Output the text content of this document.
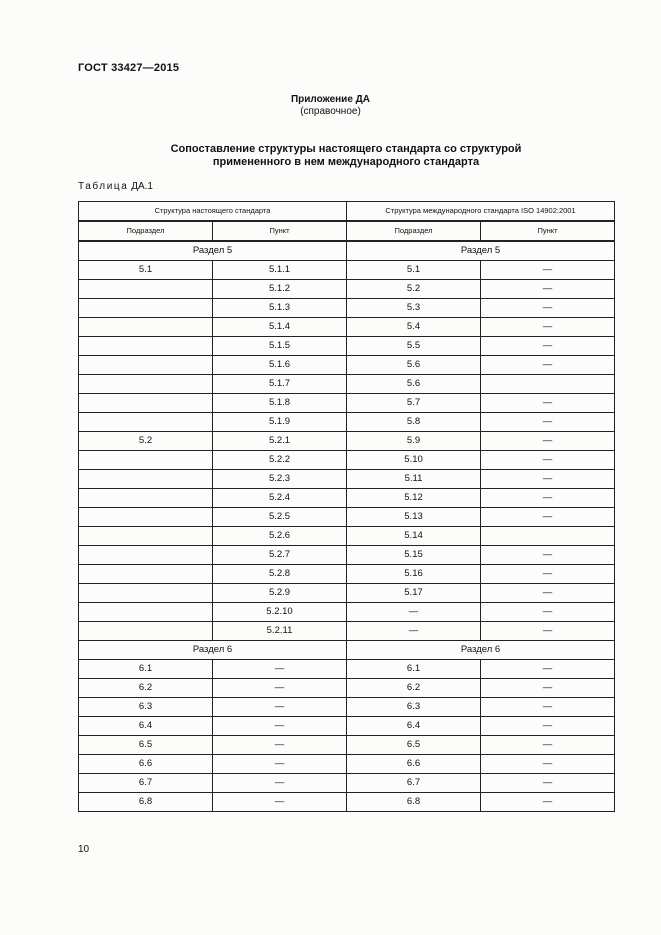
ГОСТ 33427—2015
Приложение ДА
(справочное)
Сопоставление структуры настоящего стандарта со структурой
примененного в нем международного стандарта
Таблица ДА.1
Структура настоящего стандарта		Структура международного стандарта ISO 14902:2001	
Подраздел	Пункт	Подраздел	Пункт
Раздел 5		Раздел 5	
5.1	5.1.1	5.1	—
	5.1.2	5.2	—
	5.1.3	5.3	—
	5.1.4	5.4	—
	5.1.5	5.5	—
	5.1.6	5.6	—
	5.1.7	5.6	
	5.1.8	5.7	—
	5.1.9	5.8	—
5.2	5.2.1	5.9	—
	5.2.2	5.10	—
	5.2.3	5.11	—
	5.2.4	5.12	—
	5.2.5	5.13	—
	5.2.6	5.14	
	5.2.7	5.15	—
	5.2.8	5.16	—
	5.2.9	5.17	—
	5.2.10	—	—
	5.2.11	—	—
Раздел 6		Раздел 6	
6.1	—	6.1	—
6.2	—	6.2	—
6.3	—	6.3	—
6.4	—	6.4	—
6.5	—	6.5	—
6.6	—	6.6	—
6.7	—	6.7	—
6.8	—	6.8	—
10
